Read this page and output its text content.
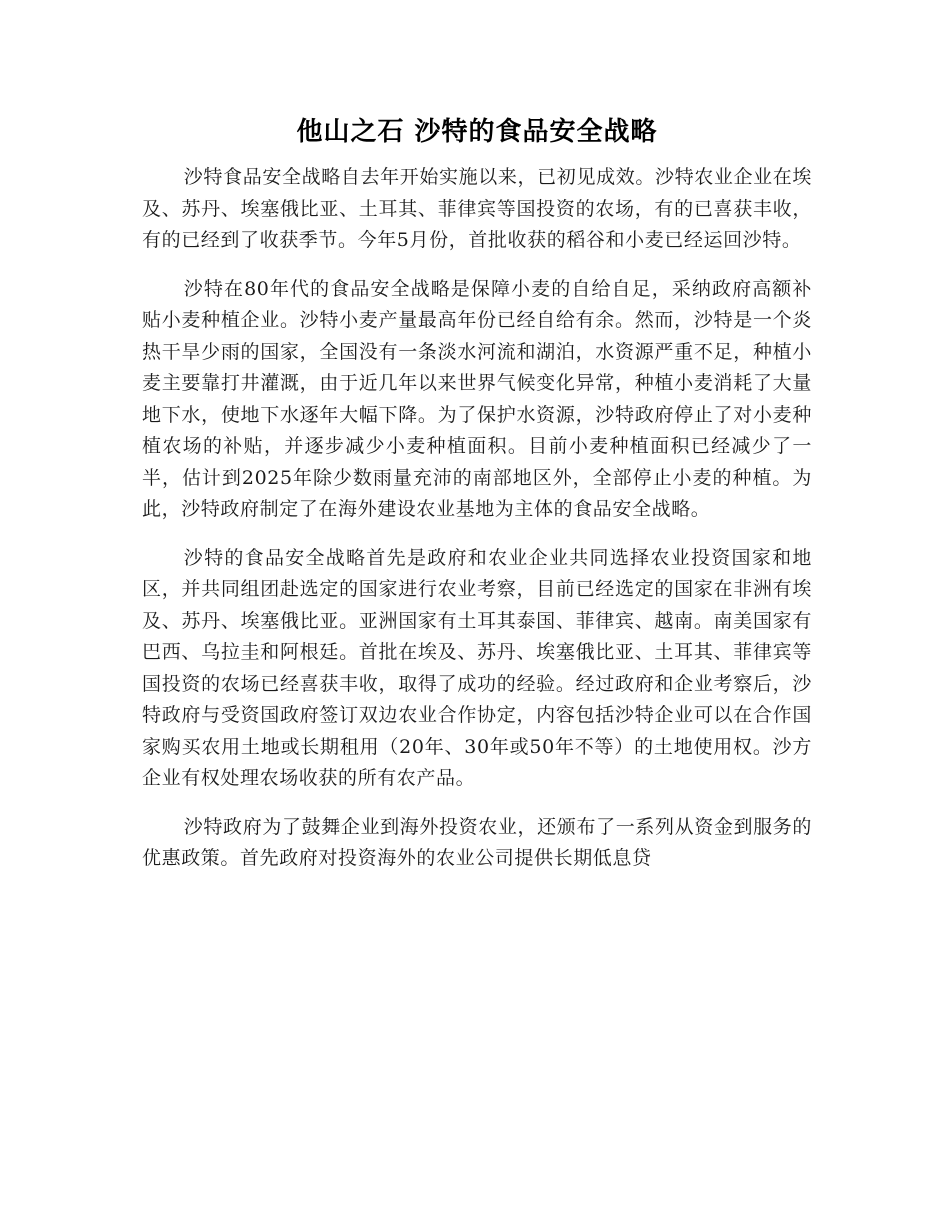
他山之石 沙特的食品安全战略

沙特食品安全战略自去年开始实施以来，已初见成效。沙特农业企业在埃及、苏丹、埃塞俄比亚、土耳其、菲律宾等国投资的农场，有的已喜获丰收，有的已经到了收获季节。今年5月份，首批收获的稻谷和小麦已经运回沙特。

沙特在80年代的食品安全战略是保障小麦的自给自足，采纳政府高额补贴小麦种植企业。沙特小麦产量最高年份已经自给有余。然而，沙特是一个炎热干旱少雨的国家，全国没有一条淡水河流和湖泊，水资源严重不足，种植小麦主要靠打井灌溉，由于近几年以来世界气候变化异常，种植小麦消耗了大量地下水，使地下水逐年大幅下降。为了保护水资源，沙特政府停止了对小麦种植农场的补贴，并逐步减少小麦种植面积。目前小麦种植面积已经减少了一半，估计到2025年除少数雨量充沛的南部地区外，全部停止小麦的种植。为此，沙特政府制定了在海外建设农业基地为主体的食品安全战略。

沙特的食品安全战略首先是政府和农业企业共同选择农业投资国家和地区，并共同组团赴选定的国家进行农业考察，目前已经选定的国家在非洲有埃及、苏丹、埃塞俄比亚。亚洲国家有土耳其泰国、菲律宾、越南。南美国家有巴西、乌拉圭和阿根廷。首批在埃及、苏丹、埃塞俄比亚、土耳其、菲律宾等国投资的农场已经喜获丰收，取得了成功的经验。经过政府和企业考察后，沙特政府与受资国政府签订双边农业合作协定，内容包括沙特企业可以在合作国家购买农用土地或长期租用（20年、30年或50年不等）的土地使用权。沙方企业有权处理农场收获的所有农产品。

沙特政府为了鼓舞企业到海外投资农业，还颁布了一系列从资金到服务的优惠政策。首先政府对投资海外的农业公司提供长期低息贷
